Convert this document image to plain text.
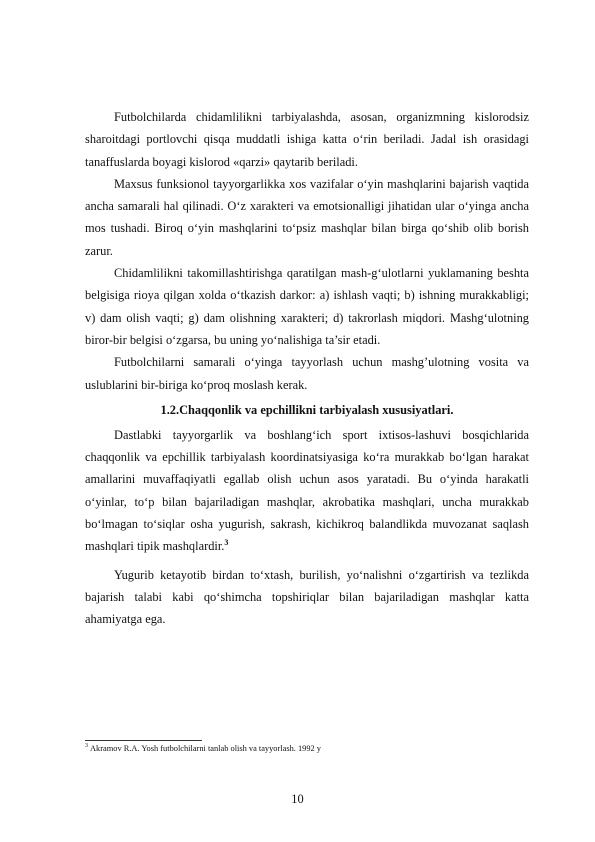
Futbolchilarda chidamlilikni tarbiyalashda, asosan, organizmning kislorodsiz sharoitdagi portlovchi qisqa muddatli ishiga katta o‘rin beriladi. Jadal ish orasidagi tanaffuslarda boyagi kislorod «qarzi» qaytarib beriladi.

Maxsus funksionol tayyorgarlikka xos vazifalar o‘yin mashqlarini bajarish vaqtida ancha samarali hal qilinadi. O‘z xarakteri va emotsionalligi jihatidan ular o‘yinga ancha mos tushadi. Biroq o‘yin mashqlarini to‘psiz mashqlar bilan birga qo‘shib olib borish zarur.

Chidamlilikni takomillashtirishga qaratilgan mash-g‘ulotlarni yuklamaning beshta belgisiga rioya qilgan xolda o‘tkazish darkor: a) ishlash vaqti; b) ishning murakkabligi; v) dam olish vaqti; g) dam olishning xarakteri; d) takrorlash miqdori. Mashg‘ulotning biror-bir belgisi o‘zgarsa, bu uning yo‘nalishiga ta’sir etadi.

Futbolchilarni samarali o‘yinga tayyorlash uchun mashg’ulotning vosita va uslublarini bir-biriga ko‘proq moslash kerak.

1.2.Chaqqonlik va epchillikni tarbiyalash xususiyatlari.

Dastlabki tayyorgarlik va boshlang‘ich sport ixtisos-lashuvi bosqichlarida chaqqonlik va epchillik tarbiyalash koordinatsiyasiga ko‘ra murakkab bo‘lgan harakat amallarini muvaffaqiyatli egallab olish uchun asos yaratadi. Bu o‘yinda harakatli o‘yinlar, to‘p bilan bajariladigan mashqlar, akrobatika mashqlari, uncha murakkab bo‘lmagan to‘siqlar osha yugurish, sakrash, kichikroq balandlikda muvozanat saqlash mashqlari tipik mashqlardir.$^3$

Yugurib ketayotib birdan to‘xtash, burilish, yo‘nalishni o‘zgartirish va tezlikda bajarish talabi kabi qo‘shimcha topshiriqlar bilan bajariladigan mashqlar katta ahamiyatga ega.

$^3$ Akramov R.A. Yosh futbolchilarni tanlab olish va tayyorlash. 1992 y
10
